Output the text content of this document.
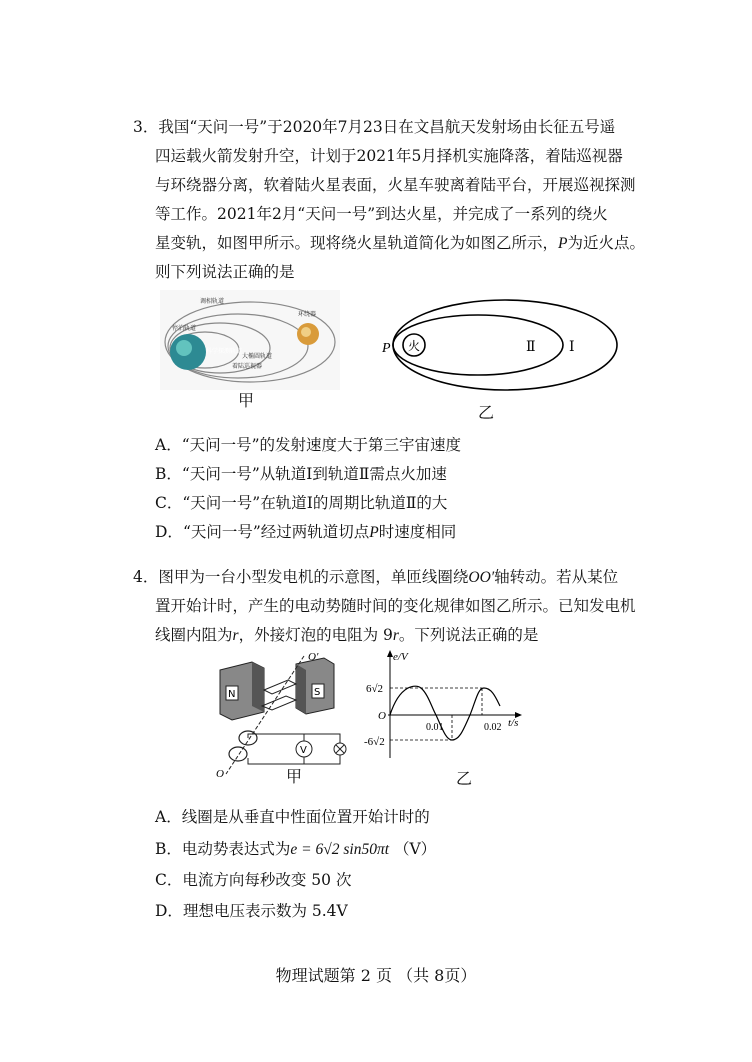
3．我国“天问一号”于2020年7月23日在文昌航天发射场由长征五号遥
四运载火箭发射升空，计划于2021年5月择机实施降落，着陆巡视器
与环绕器分离，软着陆火星表面，火星车驶离着陆平台，开展巡视探测
等工作。2021年2月“天问一号”到达火星，并完成了一系列的绕火
星变轨，如图甲所示。现将绕火星轨道简化为如图乙所示，P为近火点。
则下列说法正确的是
调相轨道
停泊轨道
大椭圆轨道
环绕器
着陆巡视器
科学探测轨道
甲
火
P	Ⅱ Ⅰ
乙
A．“天问一号”的发射速度大于第三宇宙速度
B．“天问一号”从轨道Ⅰ到轨道Ⅱ需点火加速
C．“天问一号”在轨道Ⅰ的周期比轨道Ⅱ的大
D．“天问一号”经过两轨道切点P时速度相同
4．图甲为一台小型发电机的示意图，单匝线圈绕OO′轴转动。若从某位
置开始计时，产生的电动势随时间的变化规律如图乙所示。已知发电机
线圈内阻为r，外接灯泡的电阻为 9r。下列说法正确的是
N	S
O′
O
V
甲
e/V
t/s
O
6√2
-6√2
0.01	0.02
乙
A．线圈是从垂直中性面位置开始计时的
B．电动势表达式为e = 6√2 sin50πt （V）
C．电流方向每秒改变 50 次
D．理想电压表示数为 5.4V
物理试题第 2 页 （共 8页）
